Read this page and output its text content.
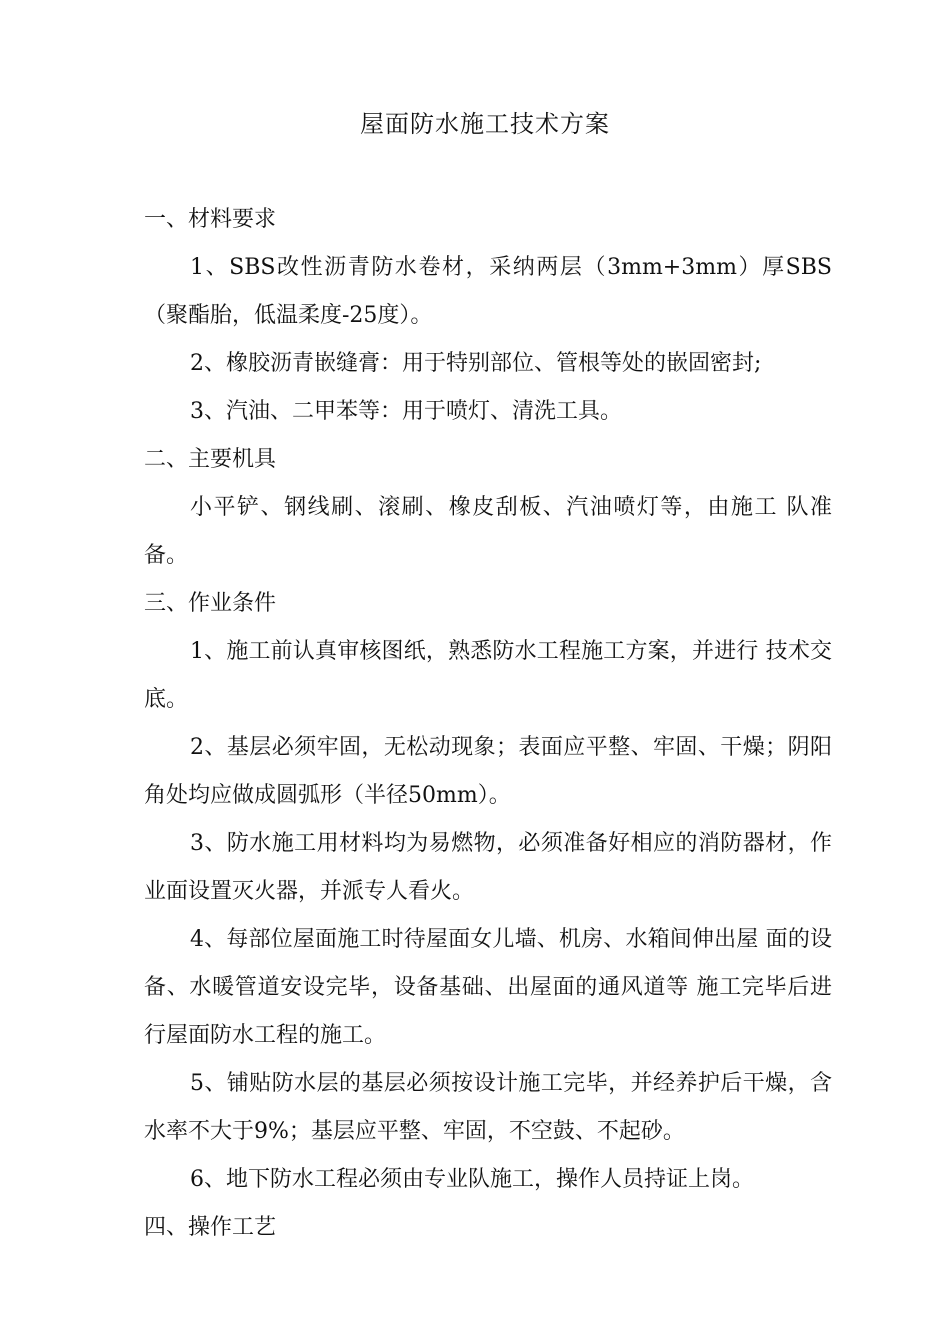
屋面防水施工技术方案

一、材料要求

1、SBS改性沥青防水卷材，采纳两层（3mm+3mm）厚SBS （聚酯胎，低温柔度-25度）。

2、橡胶沥青嵌缝膏：用于特别部位、管根等处的嵌固密封;

3、汽油、二甲苯等：用于喷灯、清洗工具。

二、主要机具

小平铲、钢线刷、滚刷、橡皮刮板、汽油喷灯等，由施工 队准备。

三、作业条件

1、施工前认真审核图纸，熟悉防水工程施工方案，并进行 技术交底。

2、基层必须牢固，无松动现象；表面应平整、牢固、干燥；阴阳角处均应做成圆弧形（半径50mm）。

3、防水施工用材料均为易燃物，必须准备好相应的消防器材，作业面设置灭火器，并派专人看火。

4、每部位屋面施工时待屋面女儿墙、机房、水箱间伸出屋 面的设备、水暖管道安设完毕，设备基础、出屋面的通风道等 施工完毕后进行屋面防水工程的施工。

5、铺贴防水层的基层必须按设计施工完毕，并经养护后干燥，含水率不大于9%；基层应平整、牢固，不空鼓、不起砂。

6、地下防水工程必须由专业队施工，操作人员持证上岗。

四、操作工艺
